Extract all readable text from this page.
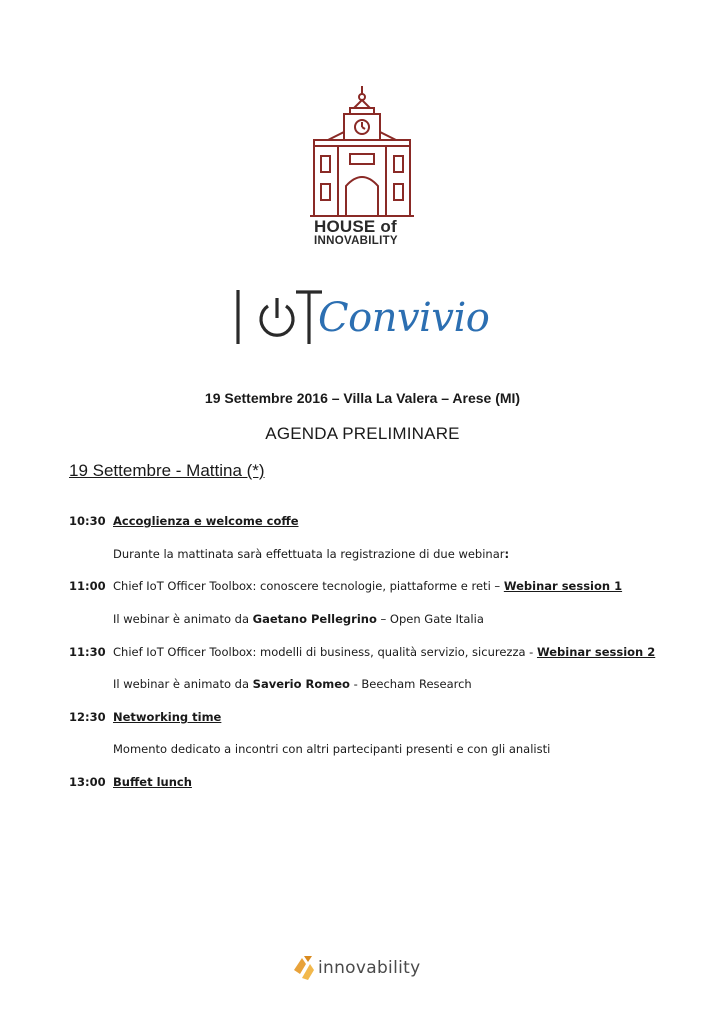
HOUSE of
INNOVABILITY
Convivio
19 Settembre 2016 – Villa La Valera – Arese (MI)
AGENDA PRELIMINARE
19 Settembre - Mattina (*)
10:30 Accoglienza e welcome coffe
Durante la mattinata sarà effettuata la registrazione di due webinar:
11:00 Chief IoT Officer Toolbox: conoscere tecnologie, piattaforme e reti – Webinar session 1
Il webinar è animato da Gaetano Pellegrino – Open Gate Italia
11:30 Chief IoT Officer Toolbox: modelli di business, qualità servizio, sicurezza - Webinar session 2
Il webinar è animato da Saverio Romeo - Beecham Research
12:30 Networking time
Momento dedicato a incontri con altri partecipanti presenti e con gli analisti
13:00 Buffet lunch
innovability
